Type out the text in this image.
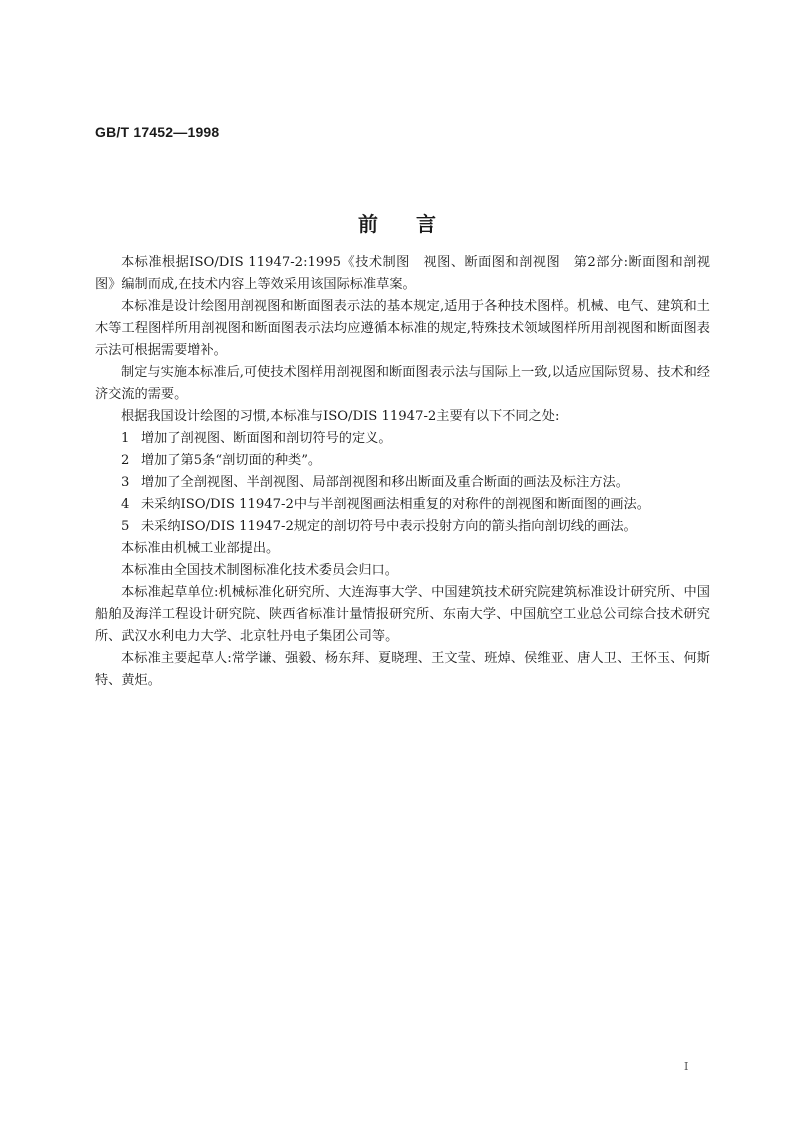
GB/T 17452—1998
前言

本标准根据ISO/DIS 11947-2:1995《技术制图　视图、断面图和剖视图　第2部分:断面图和剖视图》编制而成,在技术内容上等效采用该国际标准草案。

本标准是设计绘图用剖视图和断面图表示法的基本规定,适用于各种技术图样。机械、电气、建筑和土木等工程图样所用剖视图和断面图表示法均应遵循本标准的规定,特殊技术领域图样所用剖视图和断面图表示法可根据需要增补。

制定与实施本标准后,可使技术图样用剖视图和断面图表示法与国际上一致,以适应国际贸易、技术和经济交流的需要。

根据我国设计绘图的习惯,本标准与ISO/DIS 11947-2主要有以下不同之处:

1 增加了剖视图、断面图和剖切符号的定义。

2 增加了第5条“剖切面的种类”。

3 增加了全剖视图、半剖视图、局部剖视图和移出断面及重合断面的画法及标注方法。

4 未采纳ISO/DIS 11947-2中与半剖视图画法相重复的对称件的剖视图和断面图的画法。

5 未采纳ISO/DIS 11947-2规定的剖切符号中表示投射方向的箭头指向剖切线的画法。

本标准由机械工业部提出。

本标准由全国技术制图标准化技术委员会归口。

本标准起草单位:机械标准化研究所、大连海事大学、中国建筑技术研究院建筑标准设计研究所、中国船舶及海洋工程设计研究院、陕西省标准计量情报研究所、东南大学、中国航空工业总公司综合技术研究所、武汉水利电力大学、北京牡丹电子集团公司等。

本标准主要起草人:常学谦、强毅、杨东拜、夏晓理、王文莹、班焯、侯维亚、唐人卫、王怀玉、何斯特、黄炬。

I
